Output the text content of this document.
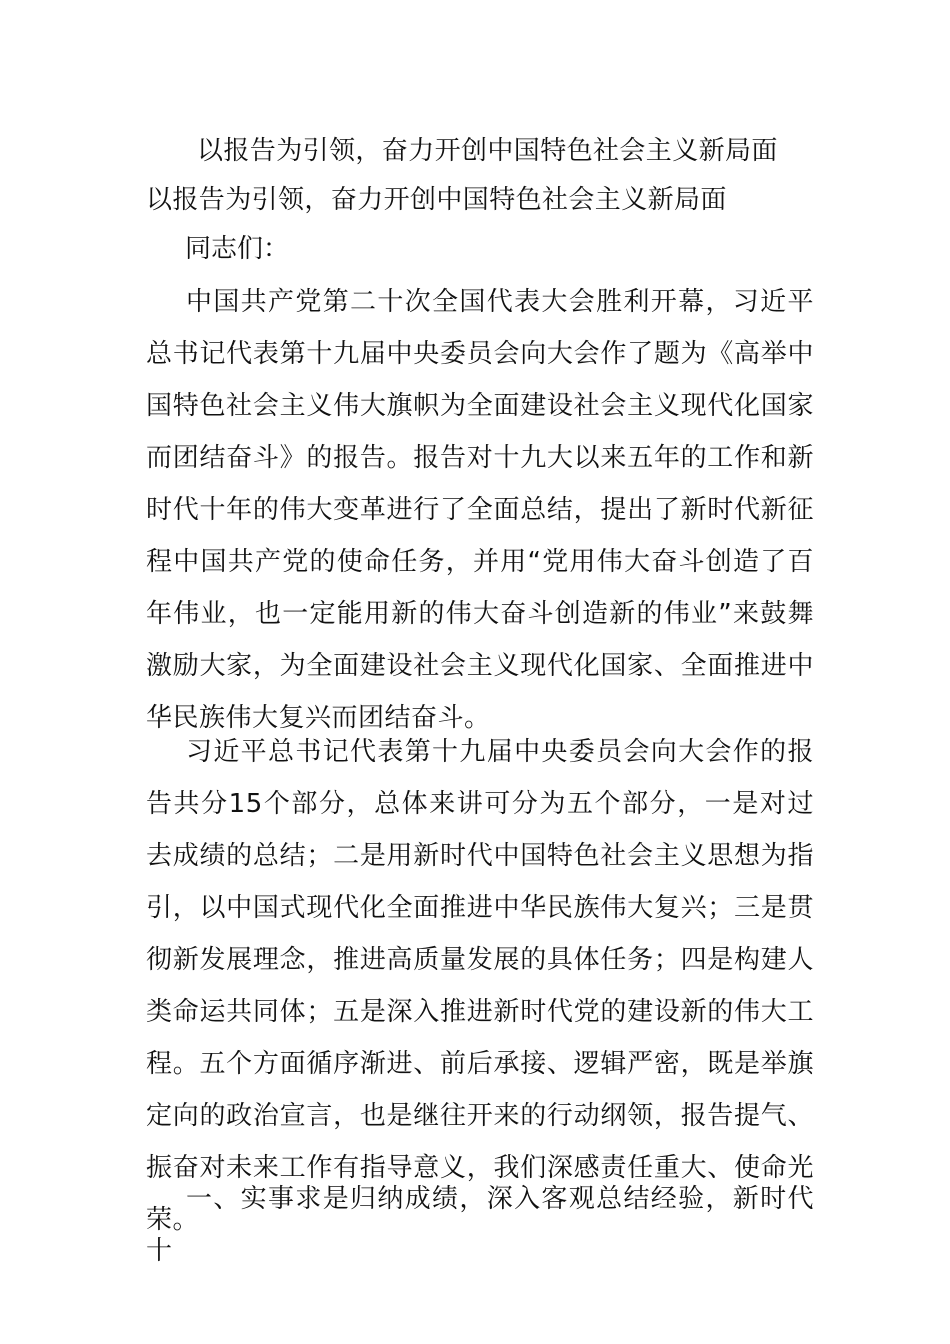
以报告为引领，奋力开创中国特色社会主义新局面
以报告为引领，奋力开创中国特色社会主义新局面
同志们：

中国共产党第二十次全国代表大会胜利开幕，习近平总书记代表第十九届中央委员会向大会作了题为《高举中国特色社会主义伟大旗帜为全面建设社会主义现代化国家而团结奋斗》的报告。报告对十九大以来五年的工作和新时代十年的伟大变革进行了全面总结，提出了新时代新征程中国共产党的使命任务，并用“党用伟大奋斗创造了百年伟业，也一定能用新的伟大奋斗创造新的伟业”来鼓舞激励大家，为全面建设社会主义现代化国家、全面推进中华民族伟大复兴而团结奋斗。

习近平总书记代表第十九届中央委员会向大会作的报告共分15个部分，总体来讲可分为五个部分，一是对过去成绩的总结；二是用新时代中国特色社会主义思想为指引，以中国式现代化全面推进中华民族伟大复兴；三是贯彻新发展理念，推进高质量发展的具体任务；四是构建人类命运共同体；五是深入推进新时代党的建设新的伟大工程。五个方面循序渐进、前后承接、逻辑严密，既是举旗定向的政治宣言，也是继往开来的行动纲领，报告提气、振奋对未来工作有指导意义，我们深感责任重大、使命光荣。

一、实事求是归纳成绩，深入客观总结经验，新时代十
